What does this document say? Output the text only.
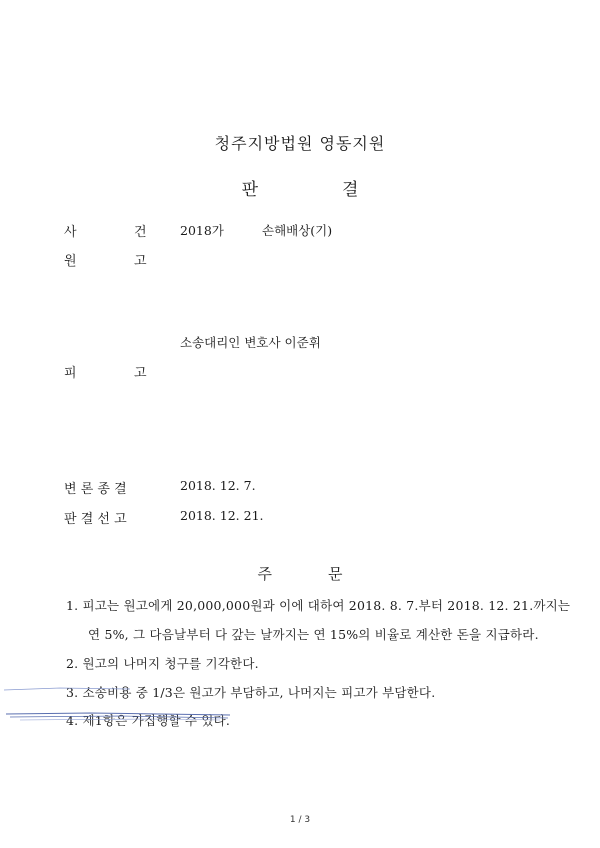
청주지방법원 영동지원
판	결
사	건	2018가	손해배상(기)
원	고
소송대리인 변호사 이준휘
피	고
변 론 종 결	2018. 12. 7.
판 결 선 고	2018. 12. 21.
주	문
1. 피고는 원고에게 20,000,000원과 이에 대하여 2018. 8. 7.부터 2018. 12. 21.까지는
연 5%, 그 다음날부터 다 갚는 날까지는 연 15%의 비율로 계산한 돈을 지급하라.
2. 원고의 나머지 청구를 기각한다.
3. 소송비용 중 1/3은 원고가 부담하고, 나머지는 피고가 부담한다.
4. 제1항은 가집행할 수 있다.
1 / 3
